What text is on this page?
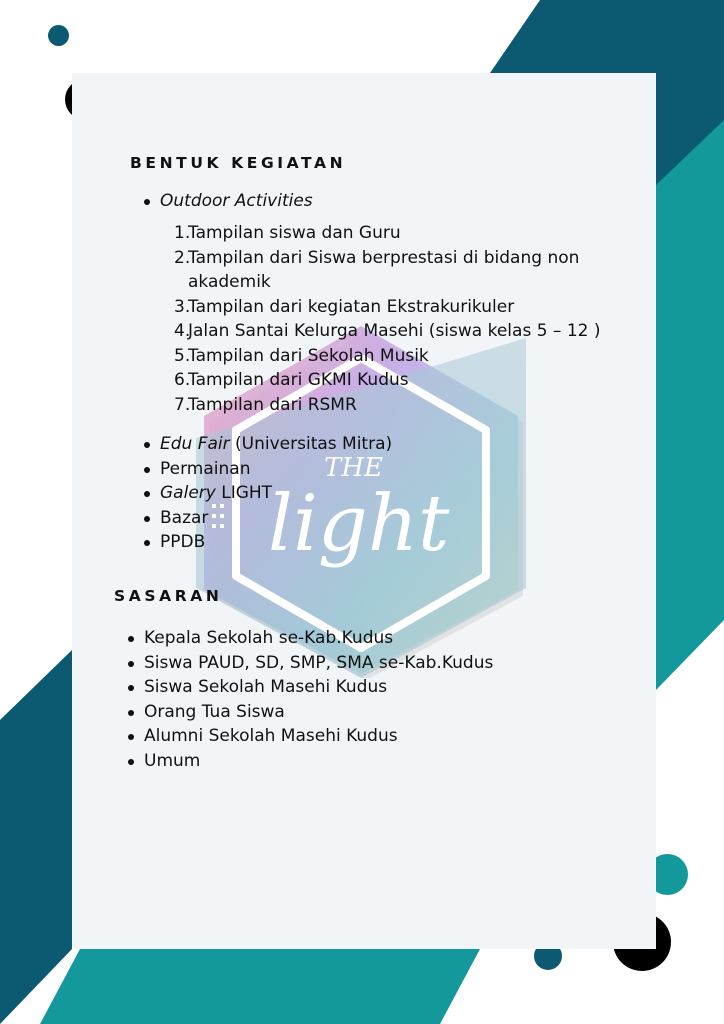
THE
light
BENTUK KEGIATAN
Outdoor Activities
1.
Tampilan siswa dan Guru
2.
Tampilan dari Siswa berprestasi di bidang non akademik
3.
Tampilan dari kegiatan Ekstrakurikuler
4.
Jalan Santai Kelurga Masehi (siswa kelas 5 – 12 )
5.
Tampilan dari Sekolah Musik
6.
Tampilan dari GKMI Kudus
7.
Tampilan dari RSMR
Edu Fair (Universitas Mitra)
Permainan
Galery LIGHT
Bazar
PPDB
SASARAN
Kepala Sekolah se-Kab.Kudus
Siswa PAUD, SD, SMP, SMA se-Kab.Kudus
Siswa Sekolah Masehi Kudus
Orang Tua Siswa
Alumni Sekolah Masehi Kudus
Umum
